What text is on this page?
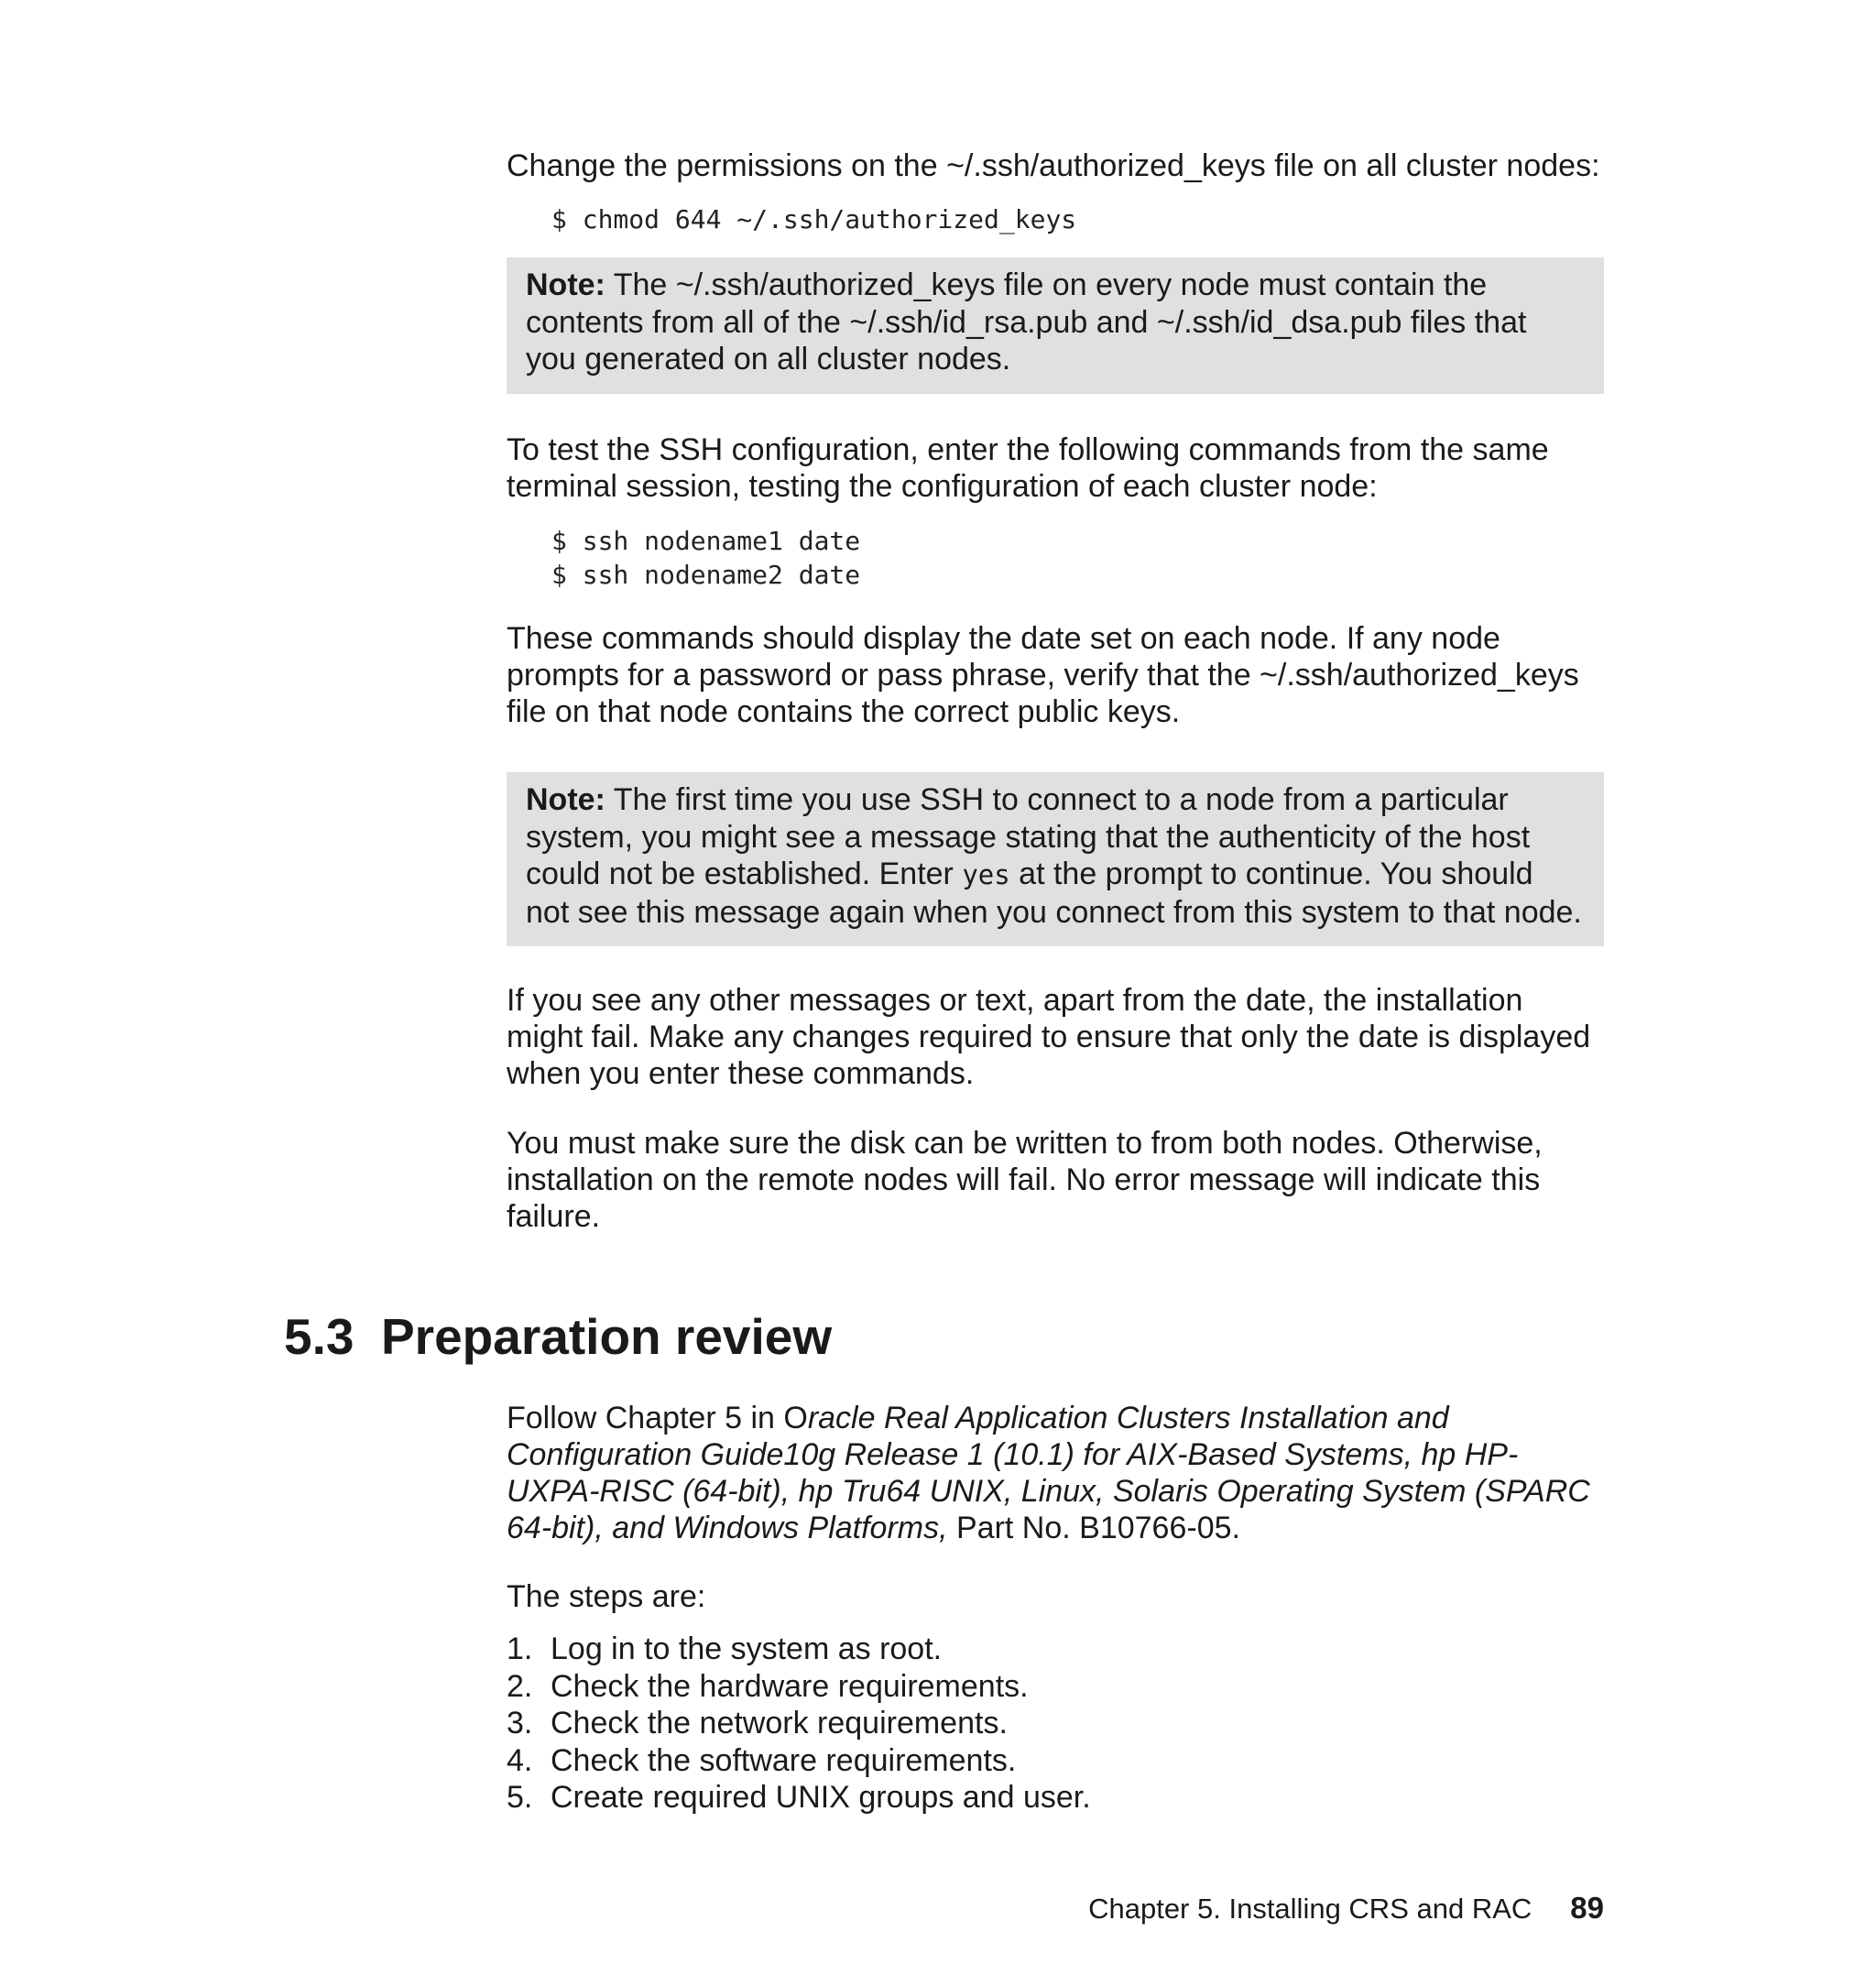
Change the permissions on the ~/.ssh/authorized_keys file on all cluster nodes:

$ chmod 644 ~/.ssh/authorized_keys

Note: The ~/.ssh/authorized_keys file on every node must contain the contents from all of the ~/.ssh/id_rsa.pub and ~/.ssh/id_dsa.pub files that you generated on all cluster nodes.

To test the SSH configuration, enter the following commands from the same terminal session, testing the configuration of each cluster node:

$ ssh nodename1 date

$ ssh nodename2 date

These commands should display the date set on each node. If any node prompts for a password or pass phrase, verify that the ~/.ssh/authorized_keys file on that node contains the correct public keys.

Note: The first time you use SSH to connect to a node from a particular system, you might see a message stating that the authenticity of the host could not be established. Enter yes at the prompt to continue. You should not see this message again when you connect from this system to that node.

If you see any other messages or text, apart from the date, the installation might fail. Make any changes required to ensure that only the date is displayed when you enter these commands.

You must make sure the disk can be written to from both nodes. Otherwise, installation on the remote nodes will fail. No error message will indicate this failure.

5.3 Preparation review

Follow Chapter 5 in Oracle Real Application Clusters Installation and Configuration Guide10g Release 1 (10.1) for AIX-Based Systems, hp HP-UXPA-RISC (64-bit), hp Tru64 UNIX, Linux, Solaris Operating System (SPARC 64-bit), and Windows Platforms, Part No. B10766-05.

The steps are:

1. Log in to the system as root.
2. Check the hardware requirements.
3. Check the network requirements.
4. Check the software requirements.
5. Create required UNIX groups and user.
Chapter 5. Installing CRS and RAC 89
